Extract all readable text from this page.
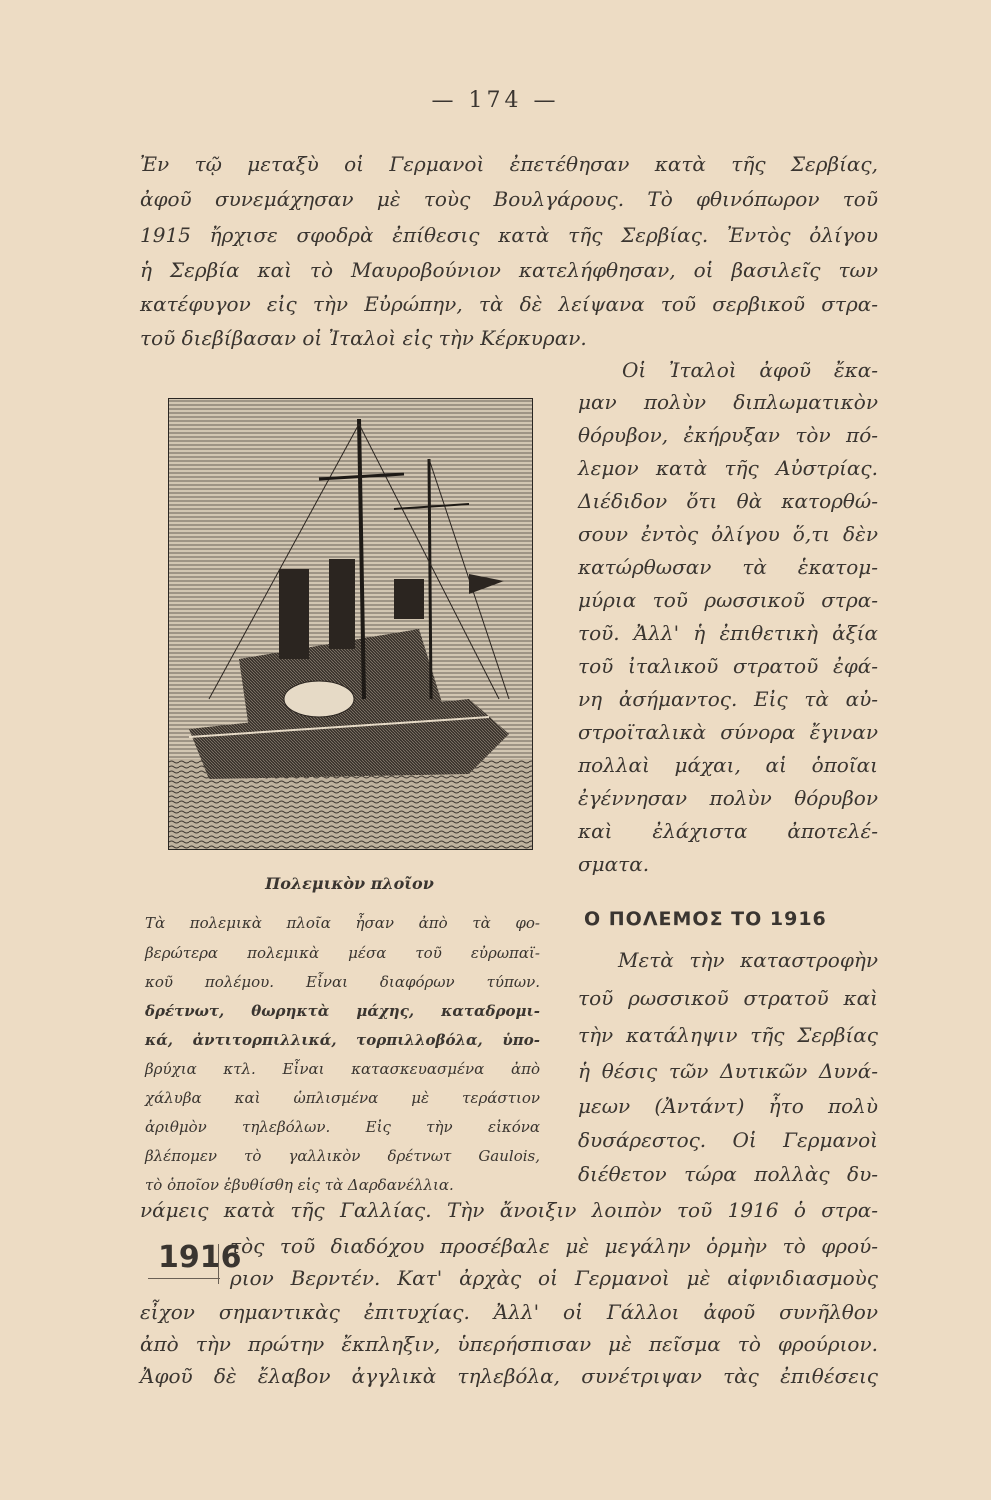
— 174 —
Ἐν τῷ μεταξὺ οἱ Γερμανοὶ ἐπετέθησαν κατὰ τῆς Σερβίας,
ἀφοῦ συνεμάχησαν μὲ τοὺς Βουλγάρους. Τὸ φθινόπωρον τοῦ
1915 ἤρχισε σφοδρὰ ἐπίθεσις κατὰ τῆς Σερβίας. Ἐντὸς ὀλίγου
ἡ Σερβία καὶ τὸ Μαυροβούνιον κατελήφθησαν, οἱ βασιλεῖς των
κατέφυγον εἰς τὴν Εὐρώπην, τὰ δὲ λείψανα τοῦ σερβικοῦ στρα-
τοῦ διεβίβασαν οἱ Ἰταλοὶ εἰς τὴν Κέρκυραν.
Οἱ Ἰταλοὶ ἀφοῦ ἔκα-
μαν πολὺν διπλωματικὸν
θόρυβον, ἐκήρυξαν τὸν πό-
λεμον κατὰ τῆς Αὐστρίας.
Διέδιδον ὅτι θὰ κατορθώ-
σουν ἐντὸς ὀλίγου ὅ,τι δὲν
κατώρθωσαν τὰ ἑκατομ-
μύρια τοῦ ρωσσικοῦ στρα-
τοῦ. Ἀλλ' ἡ ἐπιθετικὴ ἀξία
τοῦ ἰταλικοῦ στρατοῦ ἐφά-
νη ἀσήμαντος. Εἰς τὰ αὐ-
στροϊταλικὰ σύνορα ἔγιναν
πολλαὶ μάχαι, αἱ ὁποῖαι
ἐγέννησαν πολὺν θόρυβον
καὶ ἐλάχιστα ἀποτελέ-
σματα.
Πολεμικὸν πλοῖον
Τὰ πολεμικὰ πλοῖα ἦσαν ἀπὸ τὰ φο-
βερώτερα πολεμικὰ μέσα τοῦ εὐρωπαϊ-
κοῦ πολέμου. Εἶναι διαφόρων τύπων.
δρέτνωτ, θωρηκτὰ μάχης, καταδρομι-
κά, ἀντιτορπιλλικά, τορπιλλοβόλα, ὑπο-
βρύχια κτλ. Εἶναι κατασκευασμένα ἀπὸ
χάλυβα καὶ ὡπλισμένα μὲ τεράστιον
ἀριθμὸν τηλεβόλων. Εἰς τὴν εἰκόνα
βλέπομεν τὸ γαλλικὸν δρέτνωτ Gaulois,
τὸ ὁποῖον ἐβυθίσθη εἰς τὰ Δαρδανέλλια.
Ο ΠΟΛΕΜΟΣ ΤΟ 1916
Μετὰ τὴν καταστροφὴν
τοῦ ρωσσικοῦ στρατοῦ καὶ
τὴν κατάληψιν τῆς Σερβίας
ἡ θέσις τῶν Δυτικῶν Δυνά-
μεων (Ἀντάντ) ἦτο πολὺ
δυσάρεστος. Οἱ Γερμανοὶ
διέθετον τώρα πολλὰς δυ-
νάμεις κατὰ τῆς Γαλλίας. Τὴν ἄνοιξιν λοιπὸν τοῦ 1916 ὁ στρα-
1916
τὸς τοῦ διαδόχου προσέβαλε μὲ μεγάλην ὁρμὴν τὸ φρού-
ριον Βερντέν. Κατ' ἀρχὰς οἱ Γερμανοὶ μὲ αἰφνιδιασμοὺς
εἶχον σημαντικὰς ἐπιτυχίας. Ἀλλ' οἱ Γάλλοι ἀφοῦ συνῆλθον
ἀπὸ τὴν πρώτην ἔκπληξιν, ὑπερήσπισαν μὲ πεῖσμα τὸ φρούριον.
Ἀφοῦ δὲ ἔλαβον ἀγγλικὰ τηλεβόλα, συνέτριψαν τὰς ἐπιθέσεις
